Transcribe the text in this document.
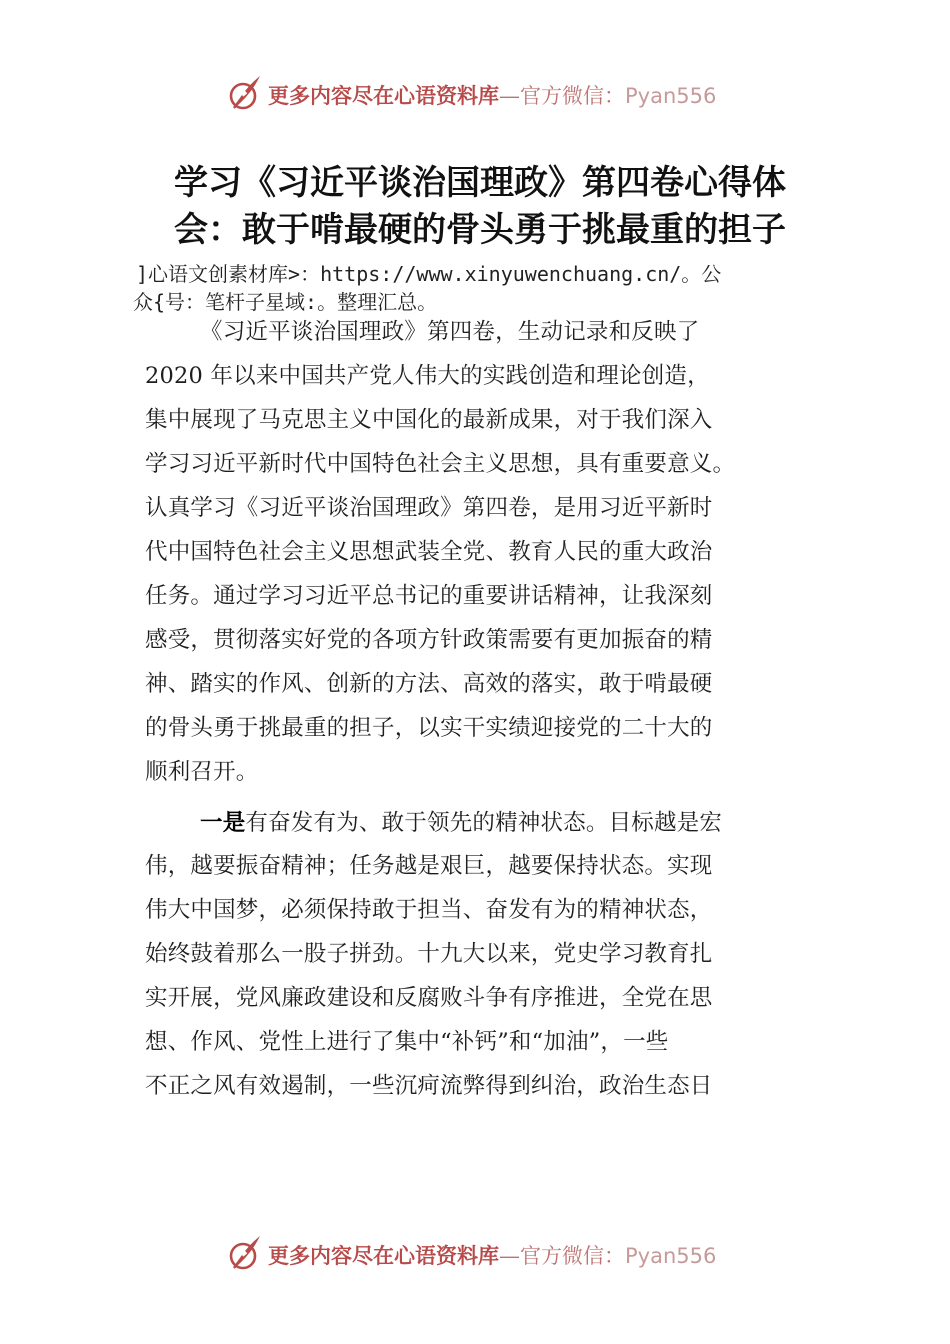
更多内容尽在心语资料库—官方微信：Pyan556
学习《习近平谈治国理政》第四卷心得体
会：敢于啃最硬的骨头勇于挑最重的担子
]心语文创素材库>：https://www.xinyuwenchuang.cn/。公
众{号：笔杆子星域:。整理汇总。
《习近平谈治国理政》第四卷，生动记录和反映了
2020 年以来中国共产党人伟大的实践创造和理论创造，
集中展现了马克思主义中国化的最新成果，对于我们深入
学习习近平新时代中国特色社会主义思想，具有重要意义。
认真学习《习近平谈治国理政》第四卷，是用习近平新时
代中国特色社会主义思想武装全党、教育人民的重大政治
任务。通过学习习近平总书记的重要讲话精神，让我深刻
感受，贯彻落实好党的各项方针政策需要有更加振奋的精
神、踏实的作风、创新的方法、高效的落实，敢于啃最硬
的骨头勇于挑最重的担子，以实干实绩迎接党的二十大的
顺利召开。
一是有奋发有为、敢于领先的精神状态。目标越是宏
伟，越要振奋精神；任务越是艰巨，越要保持状态。实现
伟大中国梦，必须保持敢于担当、奋发有为的精神状态，
始终鼓着那么一股子拼劲。十九大以来，党史学习教育扎
实开展，党风廉政建设和反腐败斗争有序推进，全党在思
想、作风、党性上进行了集中“补钙”和“加油”，一些
不正之风有效遏制，一些沉疴流弊得到纠治，政治生态日
更多内容尽在心语资料库—官方微信：Pyan556
